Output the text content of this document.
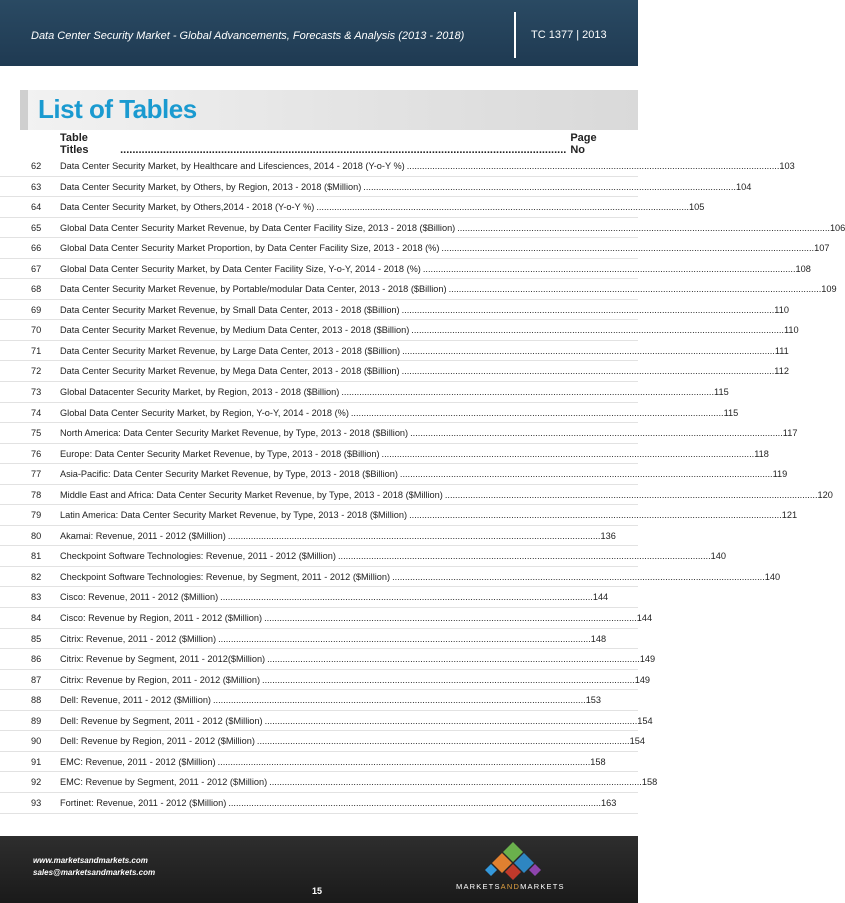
Data Center Security Market - Global Advancements, Forecasts & Analysis (2013 - 2018)	TC 1377 | 2013
List of Tables
Table Titles	..................................................................................................................................................
Page No
62 Data Center Security Market, by Healthcare and Lifesciences, 2014 - 2018 (Y-o-Y %) .................................................................................................................................................. 103
63 Data Center Security Market, by Others, by Region, 2013 - 2018 ($Million) .................................................................................................................................................. 104
64 Data Center Security Market, by Others,2014 - 2018 (Y-o-Y %) .................................................................................................................................................. 105
65 Global Data Center Security Market Revenue, by Data Center Facility Size, 2013 - 2018 ($Billion) .................................................................................................................................................. 106
66 Global Data Center Security Market Proportion, by Data Center Facility Size, 2013 - 2018 (%) .................................................................................................................................................. 107
67 Global Data Center Security Market, by Data Center Facility Size, Y-o-Y, 2014 - 2018 (%) .................................................................................................................................................. 108
68 Data Center Security Market Revenue, by Portable/modular Data Center, 2013 - 2018 ($Billion) .................................................................................................................................................. 109
69 Data Center Security Market Revenue, by Small Data Center, 2013 - 2018 ($Billion) .................................................................................................................................................. 110
70 Data Center Security Market Revenue, by Medium Data Center, 2013 - 2018 ($Billion) .................................................................................................................................................. 110
71 Data Center Security Market Revenue, by Large Data Center, 2013 - 2018 ($Billion) .................................................................................................................................................. 111
72 Data Center Security Market Revenue, by Mega Data Center, 2013 - 2018 ($Billion) .................................................................................................................................................. 112
73 Global Datacenter Security Market, by Region, 2013 - 2018 ($Billion) .................................................................................................................................................. 115
74 Global Data Center Security Market, by Region, Y-o-Y, 2014 - 2018 (%) .................................................................................................................................................. 115
75 North America: Data Center Security Market Revenue, by Type, 2013 - 2018 ($Billion) .................................................................................................................................................. 117
76 Europe: Data Center Security Market Revenue, by Type, 2013 - 2018 ($Billion) .................................................................................................................................................. 118
77 Asia-Pacific: Data Center Security Market Revenue, by Type, 2013 - 2018 ($Billion) .................................................................................................................................................. 119
78 Middle East and Africa: Data Center Security Market Revenue, by Type, 2013 - 2018 ($Million) .................................................................................................................................................. 120
79 Latin America: Data Center Security Market Revenue, by Type, 2013 - 2018 ($Million) .................................................................................................................................................. 121
80 Akamai: Revenue, 2011 - 2012 ($Million) .................................................................................................................................................. 136
81 Checkpoint Software Technologies: Revenue, 2011 - 2012 ($Million) .................................................................................................................................................. 140
82 Checkpoint Software Technologies: Revenue, by Segment, 2011 - 2012 ($Million) .................................................................................................................................................. 140
83 Cisco: Revenue, 2011 - 2012 ($Million) .................................................................................................................................................. 144
84 Cisco: Revenue by Region, 2011 - 2012 ($Million) .................................................................................................................................................. 144
85 Citrix: Revenue, 2011 - 2012 ($Million) .................................................................................................................................................. 148
86 Citrix: Revenue by Segment, 2011 - 2012($Million) .................................................................................................................................................. 149
87 Citrix: Revenue by Region, 2011 - 2012 ($Million) .................................................................................................................................................. 149
88 Dell: Revenue, 2011 - 2012 ($Million) .................................................................................................................................................. 153
89 Dell: Revenue by Segment, 2011 - 2012 ($Million) .................................................................................................................................................. 154
90 Dell: Revenue by Region, 2011 - 2012 ($Million) .................................................................................................................................................. 154
91 EMC: Revenue, 2011 - 2012 ($Million) .................................................................................................................................................. 158
92 EMC: Revenue by Segment, 2011 - 2012 ($Million) .................................................................................................................................................. 158
93 Fortinet: Revenue, 2011 - 2012 ($Million) .................................................................................................................................................. 163
www.marketsandmarkets.com
sales@marketsandmarkets.com
15	MARKETSANDMARKETS
